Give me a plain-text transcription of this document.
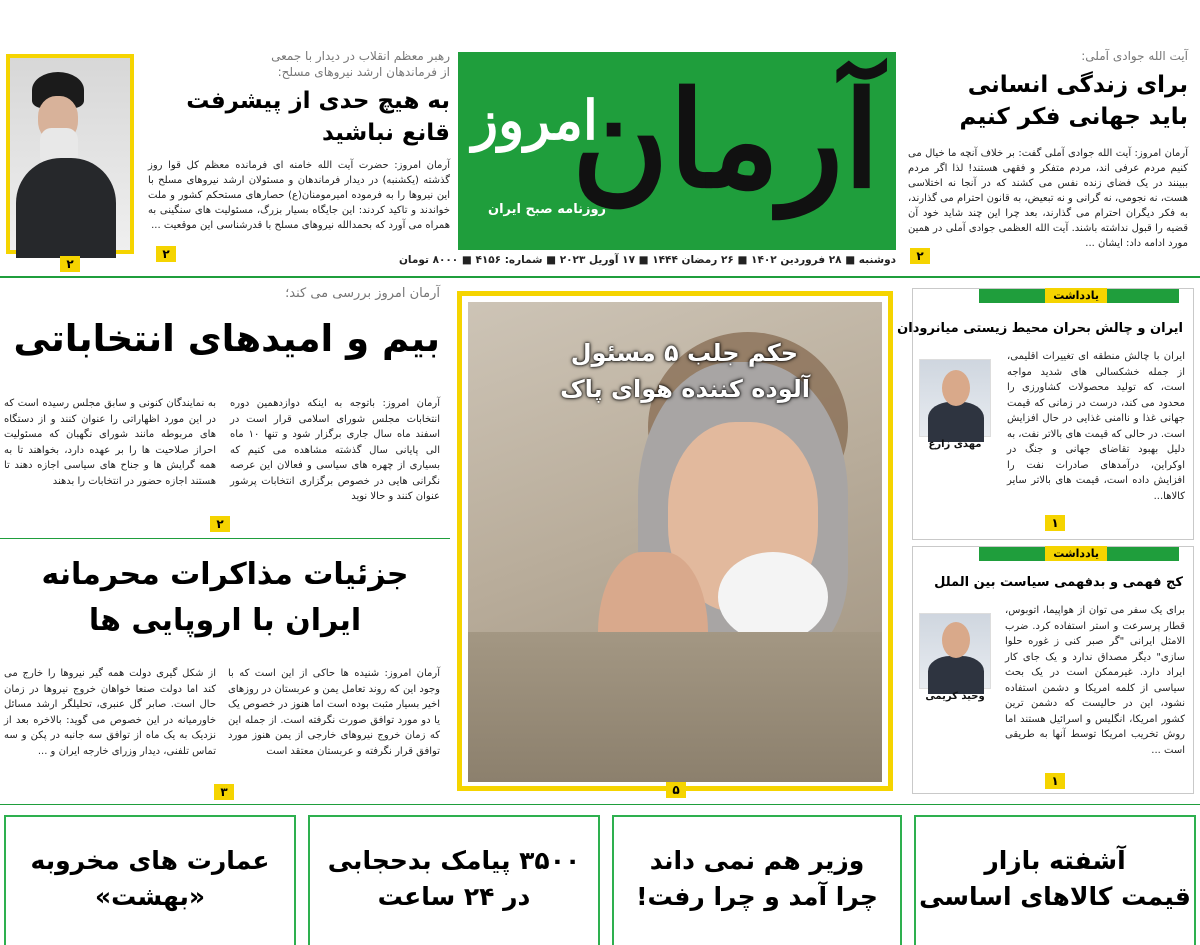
آیت الله جوادی آملی:
برای زندگی انسانی
باید جهانی فکر کنیم
آرمان امروز: آیت الله جوادی آملی گفت: بر خلاف آنچه ما خیال می کنیم مردم عرفی اند، مردم متفکر و فقهی هستند! لذا اگر مردم ببینند در یک فضای زنده نفس می کشند که در آنجا نه اختلاسی هست، نه نجومی، نه گرانی و نه تبعیض، به قانون احترام می گذارند، به فکر دیگران احترام می گذارند، بعد چرا این چند شاید خود آن قضیه را قبول نداشته باشند. آیت الله العظمی جوادی آملی در همین مورد ادامه داد: ایشان ...
۲
آرمان
امروز
روزنامه صبح ایران
دوشنبه ■ ۲۸ فروردین ۱۴۰۲ ■ ۲۶ رمضان ۱۴۴۴ ■ ۱۷ آوریل ۲۰۲۳ ■ شماره: ۴۱۵۶ ■ ۸۰۰۰ تومان
۲
رهبر معظم انقلاب در دیدار با جمعی
از فرماندهان ارشد نیروهای مسلح:
به هیچ حدی از پیشرفت
قانع نباشید
آرمان امروز: حضرت آیت الله خامنه ای فرمانده معظم کل قوا روز گذشته (یکشنبه) در دیدار فرماندهان و مسئولان ارشد نیروهای مسلح با این نیروها را به فرموده امیرمومنان(ع) حصارهای مستحکم کشور و ملت خواندند و تاکید کردند: این جایگاه بسیار بزرگ، مسئولیت های سنگینی به همراه می آورد که بحمدالله نیروهای مسلح با قدرشناسی این موقعیت ...
۲
آرمان امروز بررسی می کند؛
بیم و امیدهای انتخاباتی
آرمان امروز: باتوجه به اینکه دوازدهمین دوره انتخابات مجلس شورای اسلامی قرار است در اسفند ماه سال جاری برگزار شود و تنها ۱۰ ماه الی پایانی سال گذشته مشاهده می کنیم که بسیاری از چهره های سیاسی و فعالان این عرصه نگرانی هایی در خصوص برگزاری انتخابات پرشور عنوان کنند و حالا نوید
به نمایندگان کنونی و سابق مجلس رسیده است که در این مورد اظهاراتی را عنوان کنند و از دستگاه های مربوطه مانند شورای نگهبان که مسئولیت احراز صلاحیت ها را بر عهده دارد، بخواهند تا به همه گرایش ها و جناح های سیاسی اجازه دهند تا هستند اجازه حضور در انتخابات را بدهند
۲
جزئیات مذاکرات محرمانه
ایران با اروپایی ها
آرمان امروز: شنیده ها حاکی از این است که با وجود این که روند تعامل یمن و عربستان در روزهای اخیر بسیار مثبت بوده است اما هنوز در خصوص یک یا دو مورد توافق صورت نگرفته است. از جمله این که زمان خروج نیروهای خارجی از یمن هنوز مورد توافق قرار نگرفته و عربستان معتقد است
از شکل گیری دولت همه گیر نیروها را خارج می کند اما دولت صنعا خواهان خروج نیروها در زمان حال است. صابر گل عنبری، تحلیلگر ارشد مسائل خاورمیانه در این خصوص می گوید: بالاخره بعد از نزدیک به یک ماه از توافق سه جانبه در پکن و سه تماس تلفنی، دیدار وزرای خارجه ایران و ...
۳
حکم جلب ۵ مسئول
آلوده کننده هوای پاک
۵
یادداشت
ایران و چالش بحران محیط زیستی میانرودان
ایران با چالش منطقه ای تغییرات اقلیمی، از جمله خشکسالی های شدید مواجه است، که تولید محصولات کشاورزی را محدود می کند، درست در زمانی که قیمت جهانی غذا و ناامنی غذایی در حال افزایش است. در حالی که قیمت های بالاتر نفت، به دلیل بهبود تقاضای جهانی و جنگ در اوکراین، درآمدهای صادرات نفت را افزایش داده است، قیمت های بالاتر سایر کالاها...
مهدی زارع
۱
یادداشت
کج فهمی و بدفهمی سیاست بین الملل
برای یک سفر می توان از هواپیما، اتوبوس، قطار پرسرعت و استر استفاده کرد. ضرب الامثل ایرانی "گر صبر کنی ز غوره حلوا سازی" دیگر مصداق ندارد و یک جای کار ایراد دارد. غیرممکن است در یک بحث سیاسی از کلمه امریکا و دشمن استفاده نشود، این در حالیست که دشمن ترین کشور امریکا، انگلیس و اسرائیل هستند اما روش تخریب امریکا توسط آنها به طریقی است ...
وحید کریمی
۱
آشفته بازار
قیمت کالاهای اساسی
وزیر هم نمی داند
چرا آمد و چرا رفت!
۳۵۰۰ پیامک بدحجابی
در ۲۴ ساعت
عمارت های مخروبه
«بهشت»
